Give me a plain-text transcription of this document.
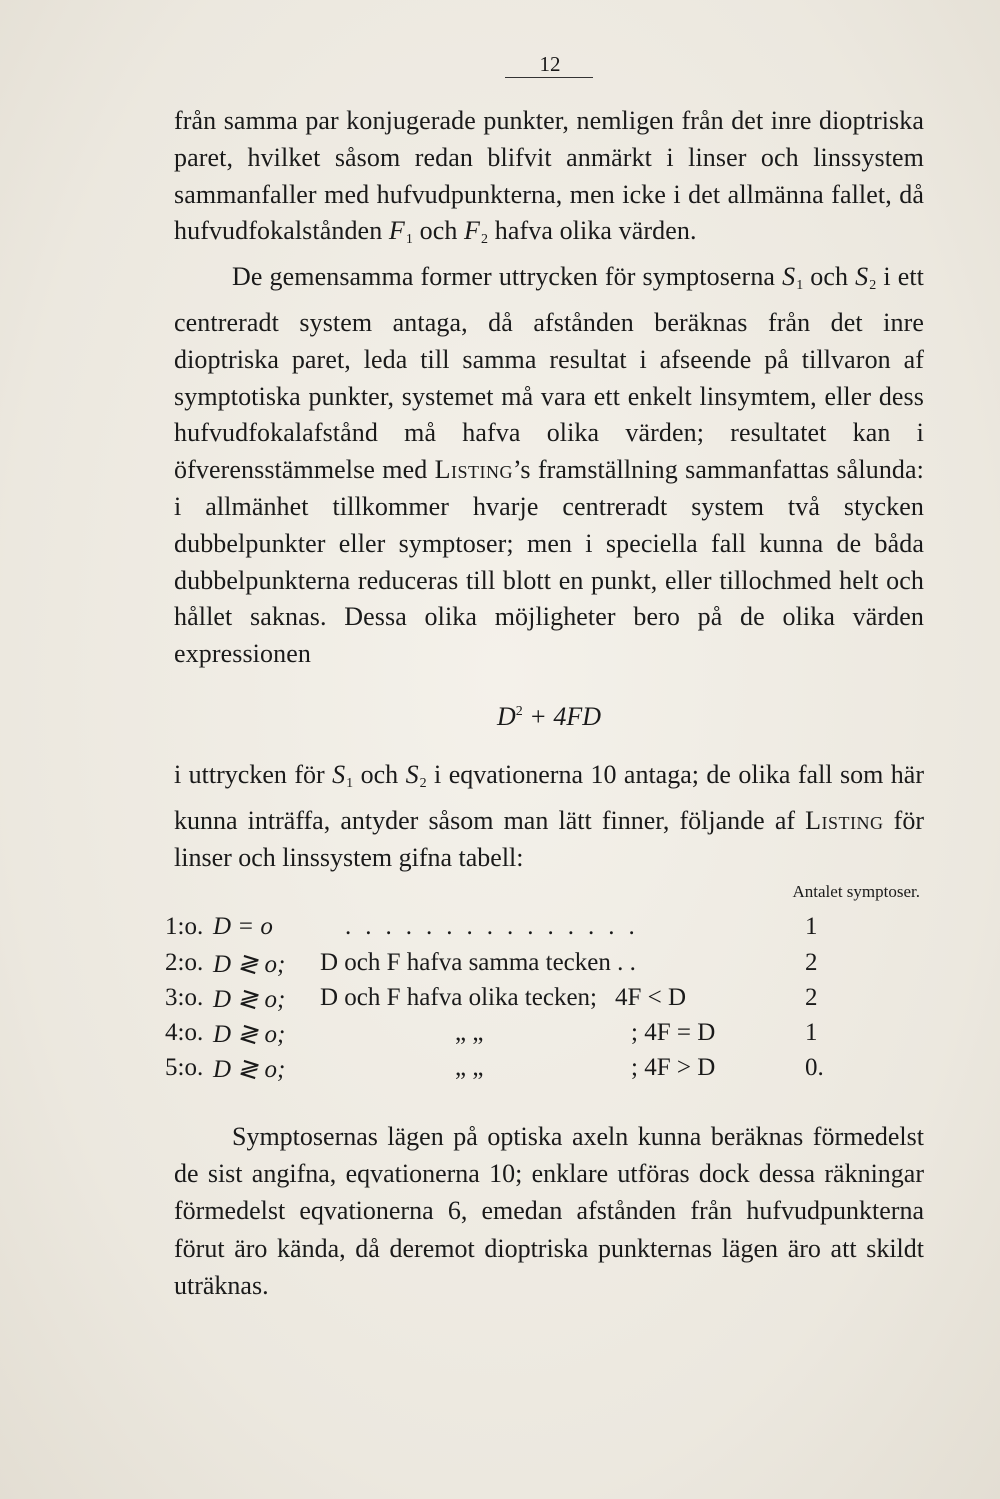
12

från samma par konjugerade punkter, nemligen från det inre dioptriska paret, hvilket såsom redan blifvit anmärkt i linser och linssystem sammanfaller med hufvudpunkterna, men icke i det allmänna fallet, då hufvudfokalstånden $F_1$ och $F_2$ hafva olika värden.

De gemensamma former uttrycken för symptoserna $S_1$ och $S_2$ i ett centreradt system antaga, då afstånden beräknas från det inre dioptriska paret, leda till samma resultat i afseende på tillvaron af symptotiska punkter, systemet må vara ett enkelt linsymtem, eller dess hufvudfokalafstånd må hafva olika värden; resultatet kan i öfverensstämmelse med Listing’s framställning sammanfattas sålunda: i allmänhet tillkommer hvarje centreradt system två stycken dubbelpunkter eller symptoser; men i speciella fall kunna de båda dubbelpunkterna reduceras till blott en punkt, eller tillochmed helt och hållet saknas. Dessa olika möjligheter bero på de olika värden expressionen

$D^2 + 4FD$

i uttrycken för $S_1$ och $S_2$ i eqvationerna 10 antaga; de olika fall som här kunna inträffa, antyder såsom man lätt finner, följande af Listing för linser och linssystem gifna tabell:

Antalet symptoser.
1:o. D = o	...............	1
2:o. D ≷ o; D och F hafva samma tecken . .	2
3:o. D ≷ o; D och F hafva olika tecken; 4F < D	2
4:o. D ≷ o;	„ „	; 4F = D	1
5:o. D ≷ o;	„ „	; 4F > D	0.

Symptosernas lägen på optiska axeln kunna beräknas förmedelst de sist angifna, eqvationerna 10; enklare utföras dock dessa räkningar förmedelst eqvationerna 6, emedan afstånden från hufvudpunkterna förut äro kända, då deremot dioptriska punkternas lägen äro att skildt uträknas.
